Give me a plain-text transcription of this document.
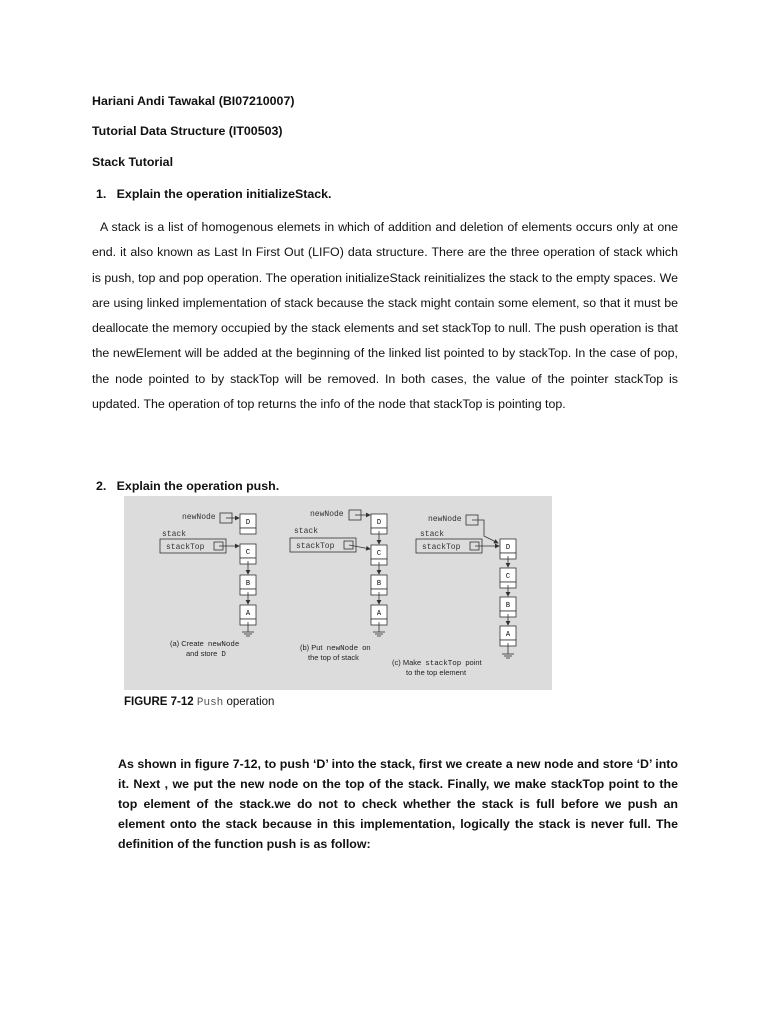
Hariani Andi Tawakal (BI07210007)
Tutorial Data Structure (IT00503)
Stack Tutorial
1.   Explain the operation initializeStack.
A stack is a list of homogenous elemets in which of addition and deletion of elements occurs only at one end. it also known as Last In First Out (LIFO) data structure. There are the three operation of stack which is push, top and pop operation. The operation initializeStack reinitializes the stack to the empty spaces. We are using linked implementation of stack because the stack might contain some element, so that it must be deallocate the memory occupied by the stack elements and set stackTop to null. The push operation is that the newElement will be added at the beginning of the linked list pointed to by stackTop. In the case of pop, the node pointed to by stackTop will be removed. In both cases, the value of the pointer stackTop is updated. The operation of top returns the info of the node that stackTop is pointing top.
2.   Explain the operation push.
newNode
D
stack
stackTop
C
B
A
(a) Create newNode
and store D
newNode
D
stack
stackTop
C
B
A
(b) Put newNode on
the top of stack
newNode
stack
stackTop	D
C
B
A
(c) Make stackTop point
to the top element
FIGURE 7-12 Push operation
As shown in figure 7-12, to push ‘D’ into the stack, first we create a new node and store ‘D’ into it. Next , we put the new node on the top of the stack. Finally, we make stackTop point to the top element of the stack.we do not to check whether the stack is full before we push an element onto the stack because in this implementation, logically the stack is never full. The definition of the function push is as follow:
